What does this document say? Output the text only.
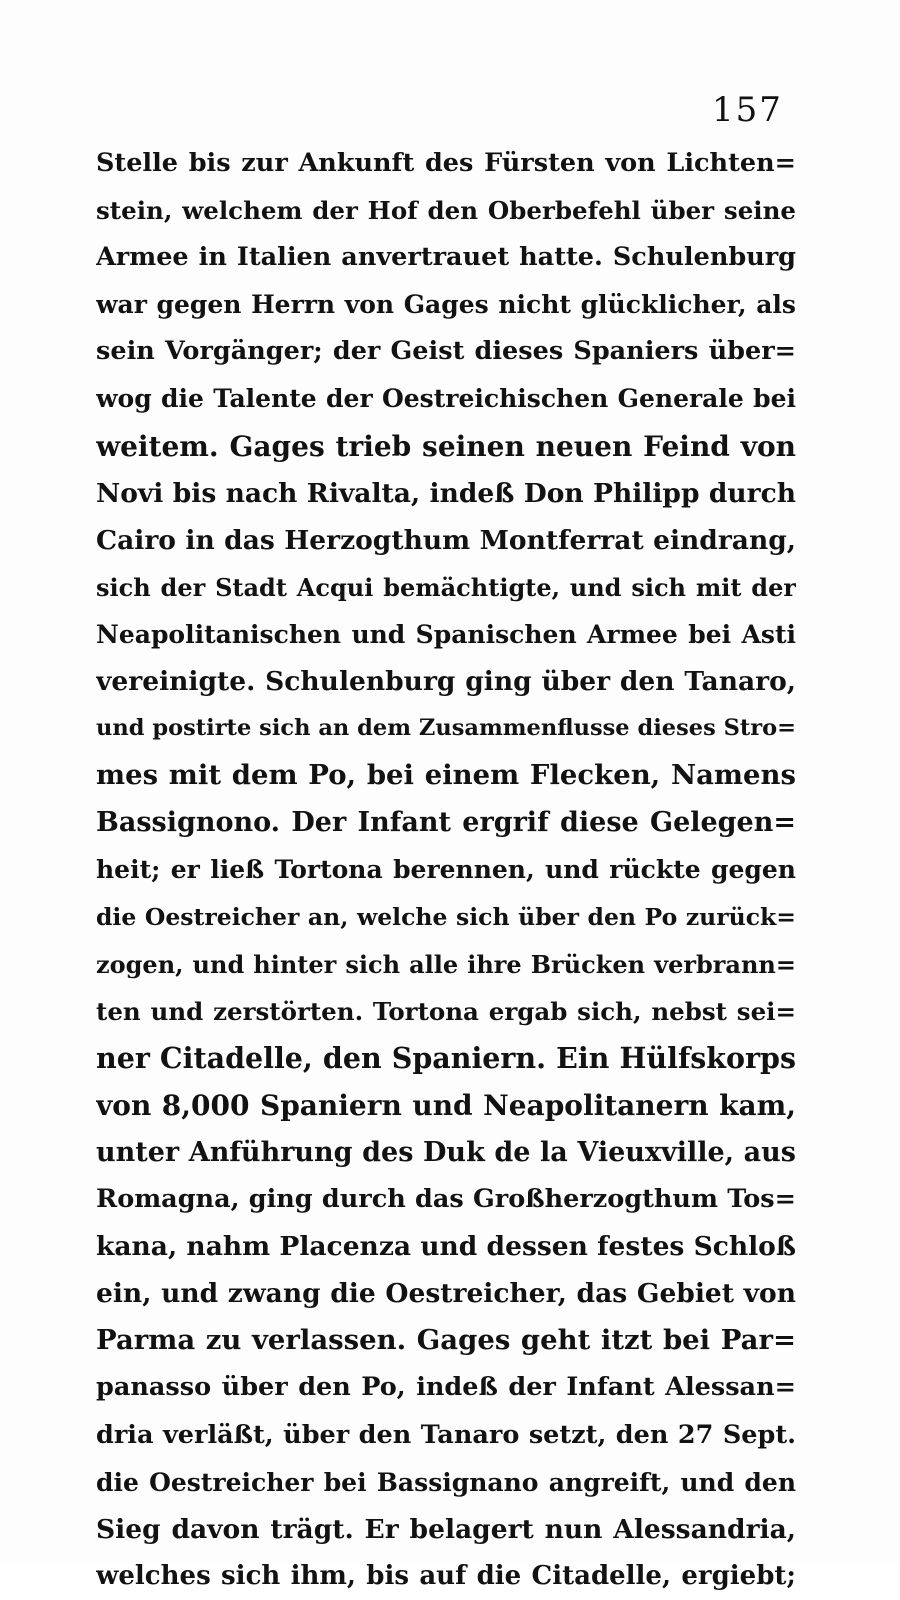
157
Stelle bis zur Ankunft des Fürsten von Lichten=
stein, welchem der Hof den Oberbefehl über seine
Armee in Italien anvertrauet hatte. Schulenburg
war gegen Herrn von Gages nicht glücklicher, als
sein Vorgänger; der Geist dieses Spaniers über=
wog die Talente der Oestreichischen Generale bei
weitem. Gages trieb seinen neuen Feind von
Novi bis nach Rivalta, indeß Don Philipp durch
Cairo in das Herzogthum Montferrat eindrang,
sich der Stadt Acqui bemächtigte, und sich mit der
Neapolitanischen und Spanischen Armee bei Asti
vereinigte. Schulenburg ging über den Tanaro,
und postirte sich an dem Zusammenflusse dieses Stro=
mes mit dem Po, bei einem Flecken, Namens
Bassignono. Der Infant ergrif diese Gelegen=
heit; er ließ Tortona berennen, und rückte gegen
die Oestreicher an, welche sich über den Po zurück=
zogen, und hinter sich alle ihre Brücken verbrann=
ten und zerstörten. Tortona ergab sich, nebst sei=
ner Citadelle, den Spaniern. Ein Hülfskorps
von 8,000 Spaniern und Neapolitanern kam,
unter Anführung des Duk de la Vieuxville, aus
Romagna, ging durch das Großherzogthum Tos=
kana, nahm Placenza und dessen festes Schloß
ein, und zwang die Oestreicher, das Gebiet von
Parma zu verlassen. Gages geht itzt bei Par=
panasso über den Po, indeß der Infant Alessan=
dria verläßt, über den Tanaro setzt, den 27 Sept.
die Oestreicher bei Bassignano angreift, und den
Sieg davon trägt. Er belagert nun Alessandria,
welches sich ihm, bis auf die Citadelle, ergiebt;
